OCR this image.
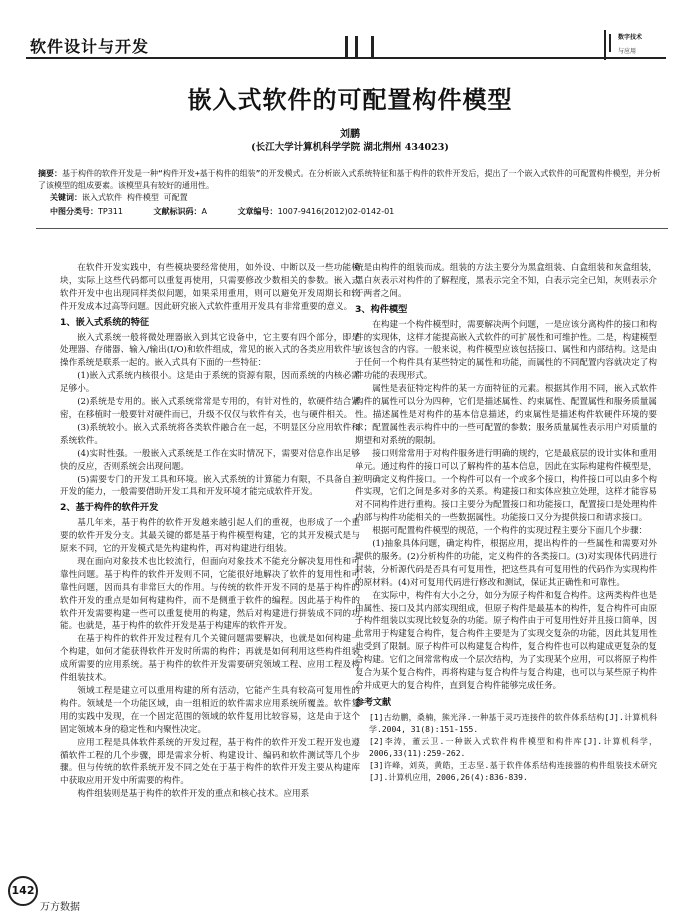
软件设计与开发	数字技术
与应用
嵌入式软件的可配置构件模型
刘鹏
(长江大学计算机科学学院 湖北荆州 434023)
摘要：基于构件的软件开发是一种“构件开发+基于构件的组装”的开发模式。在分析嵌入式系统特征和基于构件的软件开发后，提出了一个嵌入式软件的可配置构件模型，并分析了该模型的组成要素。该模型具有较好的通用性。
关键词：嵌入式软件 构件模型 可配置
中图分类号：TP311	文献标识码：A	文章编号：1007-9416(2012)02-0142-01

在软件开发实践中，有些模块要经常使用，如外设、中断以及一些功能模块，实际上这些代码都可以重复再使用，只需要修改少数相关的参数。嵌入式软件开发中也出现同样类似问题，如果采用重用，则可以避免开发周期长和软件开发成本过高等问题。因此研究嵌入式软件重用开发具有非常重要的意义。

1、嵌入式系统的特征

嵌入式系统一般将微处理器嵌入到其它设备中，它主要有四个部分，即是处理器、存储器、输入/输出(I/O)和软件组成，常见的嵌入式的各类应用软件与操作系统是联系一起的。嵌入式具有下面的一些特征：

(1)嵌入式系统内核很小。这是由于系统的资源有限，因而系统的内核必需足够小。

(2)系统是专用的。嵌入式系统常常是专用的，有针对性的，软硬件结合紧密，在移植时一般要针对硬件而已，升级不仅仅与软件有关，也与硬件相关。

(3)系统较小。嵌入式系统将各类软件融合在一起，不明显区分应用软件和系统软件。

(4)实时性强。一般嵌入式系统是工作在实时情况下，需要对信息作出足够快的反应，否则系统会出现问题。

(5)需要专门的开发工具和环境。嵌入式系统的计算能力有限，不具备自主开发的能力，一般需要借助开发工具和开发环境才能完成软件开发。

2、基于构件的软件开发

基几年来，基于构件的软件开发越来越引起人们的重视，也形成了一个重要的软件开发分支。其最关键的都是基于构件模型构建，它的其开发模式是与原来不同，它的开发模式是先构建构件，再对构建进行组装。

现在面向对象技术也比较流行，但面向对象技术不能充分解决复用性和可靠性问题。基于构件的软件开发则不同，它能很好地解决了软件的复用性和可靠性问题，因而具有非常巨大的作用。与传统的软件开发不同的是基于构件的软件开发的重点是如何构建构件，而不是侧重于软件的编程。因此基于构件的软件开发需要构建一些可以重复使用的构建，然后对构建进行拼装成不同的功能。也就是，基于构件的软件开发是基于构建库的软件开发。

在基于构件的软件开发过程有几个关键问题需要解决，也就是如何构建一个构建，如何才能获得软件开发时所需的构件；再就是如何利用这些构件组装成所需要的应用系统。基于构件的软件开发需要研究领域工程、应用工程及构件组装技术。

领域工程是建立可以重用构建的所有活动，它能产生具有较高可复用性的构件。领域是一个功能区域，由一组相近的软件需求应用系统所覆盖。软件复用的实践中发现，在一个固定范围的领域的软件复用比较容易，这是由于这个固定领域本身的稳定性和内聚性决定。

应用工程是具体软件系统的开发过程，基于构件的软件开发工程开发也遵循软件工程的几个步骤，即是需求分析、构建设计、编码和软件测试等几个步骤。但与传统的软件系统开发不同之处在于基于构件的软件开发主要从构建库中获取应用开发中所需要的构件。

构件组装则是基于构件的软件开发的重点和核心技术。应用系

统是由构件的组装而成。组装的方法主要分为黑盒组装、白盒组装和灰盒组装，黑白灰表示对构件的了解程度，黑表示完全不知，白表示完全已知，灰则表示介于两者之间。

3、构件模型

在构建一个构件模型时，需要解决两个问题，一是应该分离构件的接口和构件的实现体，这样才能提高嵌入式软件的可扩展性和可维护性。二是，构建模型应该包含的内容。一般来说，构件模型应该包括接口、属性和内部结构。这是由于任何一个构件具有某些特定的属性和功能，而属性的不同配置内容就决定了构件功能的表现形式。

属性是表征特定构件的某一方面特征的元素。根据其作用不同，嵌入式软件构件的属性可以分为四种，它们是描述属性、约束属性、配置属性和服务质量属性。描述属性是对构件的基本信息描述，约束属性是描述构件软硬件环境的要求；配置属性表示构件中的一些可配置的参数；服务质量属性表示用户对质量的期望和对系统的限制。

接口则常常用于对构件服务进行明确的规约，它是最底层的设计实体和重用单元。通过构件的接口可以了解构件的基本信息，因此在实际构建构件模型是，应明确定义构件接口。一个构件可以有一个或多个接口，构件接口可以由多个构件实现，它们之间是多对多的关系。构建接口和实体应独立处理，这样才能容易对不同构件进行重构。接口主要分为配置接口和功能接口，配置接口是处理构件内部与构件功能相关的一些数据属性。功能接口又分为提供接口和请求接口。

根据可配置构件模型的规范，一个构件的实现过程主要分下面几个步骤：

(1)抽象具体问题，确定构件，根据应用，提出构件的一些属性和需要对外提供的服务。(2)分析构件的功能，定义构件的各类接口。(3)对实现体代码进行封装，分析源代码是否具有可复用性，把这些具有可复用性的代码作为实现构件的原材料。(4)对可复用代码进行修改和测试，保证其正确性和可靠性。

在实际中，构件有大小之分，如分为原子构件和复合构件。这两类构件也是由属性、接口及其内部实现组成，但原子构件是最基本的构件，复合构件可由原子构件组装以实现比较复杂的功能。原子构件由于可复用性好并且接口简单，因此常用于构建复合构件，复合构件主要是为了实现交复杂的功能，因此其复用性也受到了限制。原子构件可以构建复合构件，复合构件也可以构建成更复杂的复合构建。它们之间常常构成一个层次结构，为了实现某个应用，可以将原子构件复合为某个复合构件，再将构建与复合构件与复合构建，也可以与某些原子构件合并成更大的复合构件，直到复合构件能够完成任务。

参考文献

[1]古幼鹏，桑楠，熊光泽.一种基于灵巧连接件的软件体系结构[J].计算机科学.2004, 31(8):151-155.

[2]李涛，董云卫.一种嵌入式软件构件模型和构件库[J].计算机科学，2006,33(11):259-262.

[3]许峰，刘英，黄皓，王志坚.基于软件体系结构连接器的构件组装技术研究[J].计算机应用，2006,26(4):836-839.

142
万方数据
